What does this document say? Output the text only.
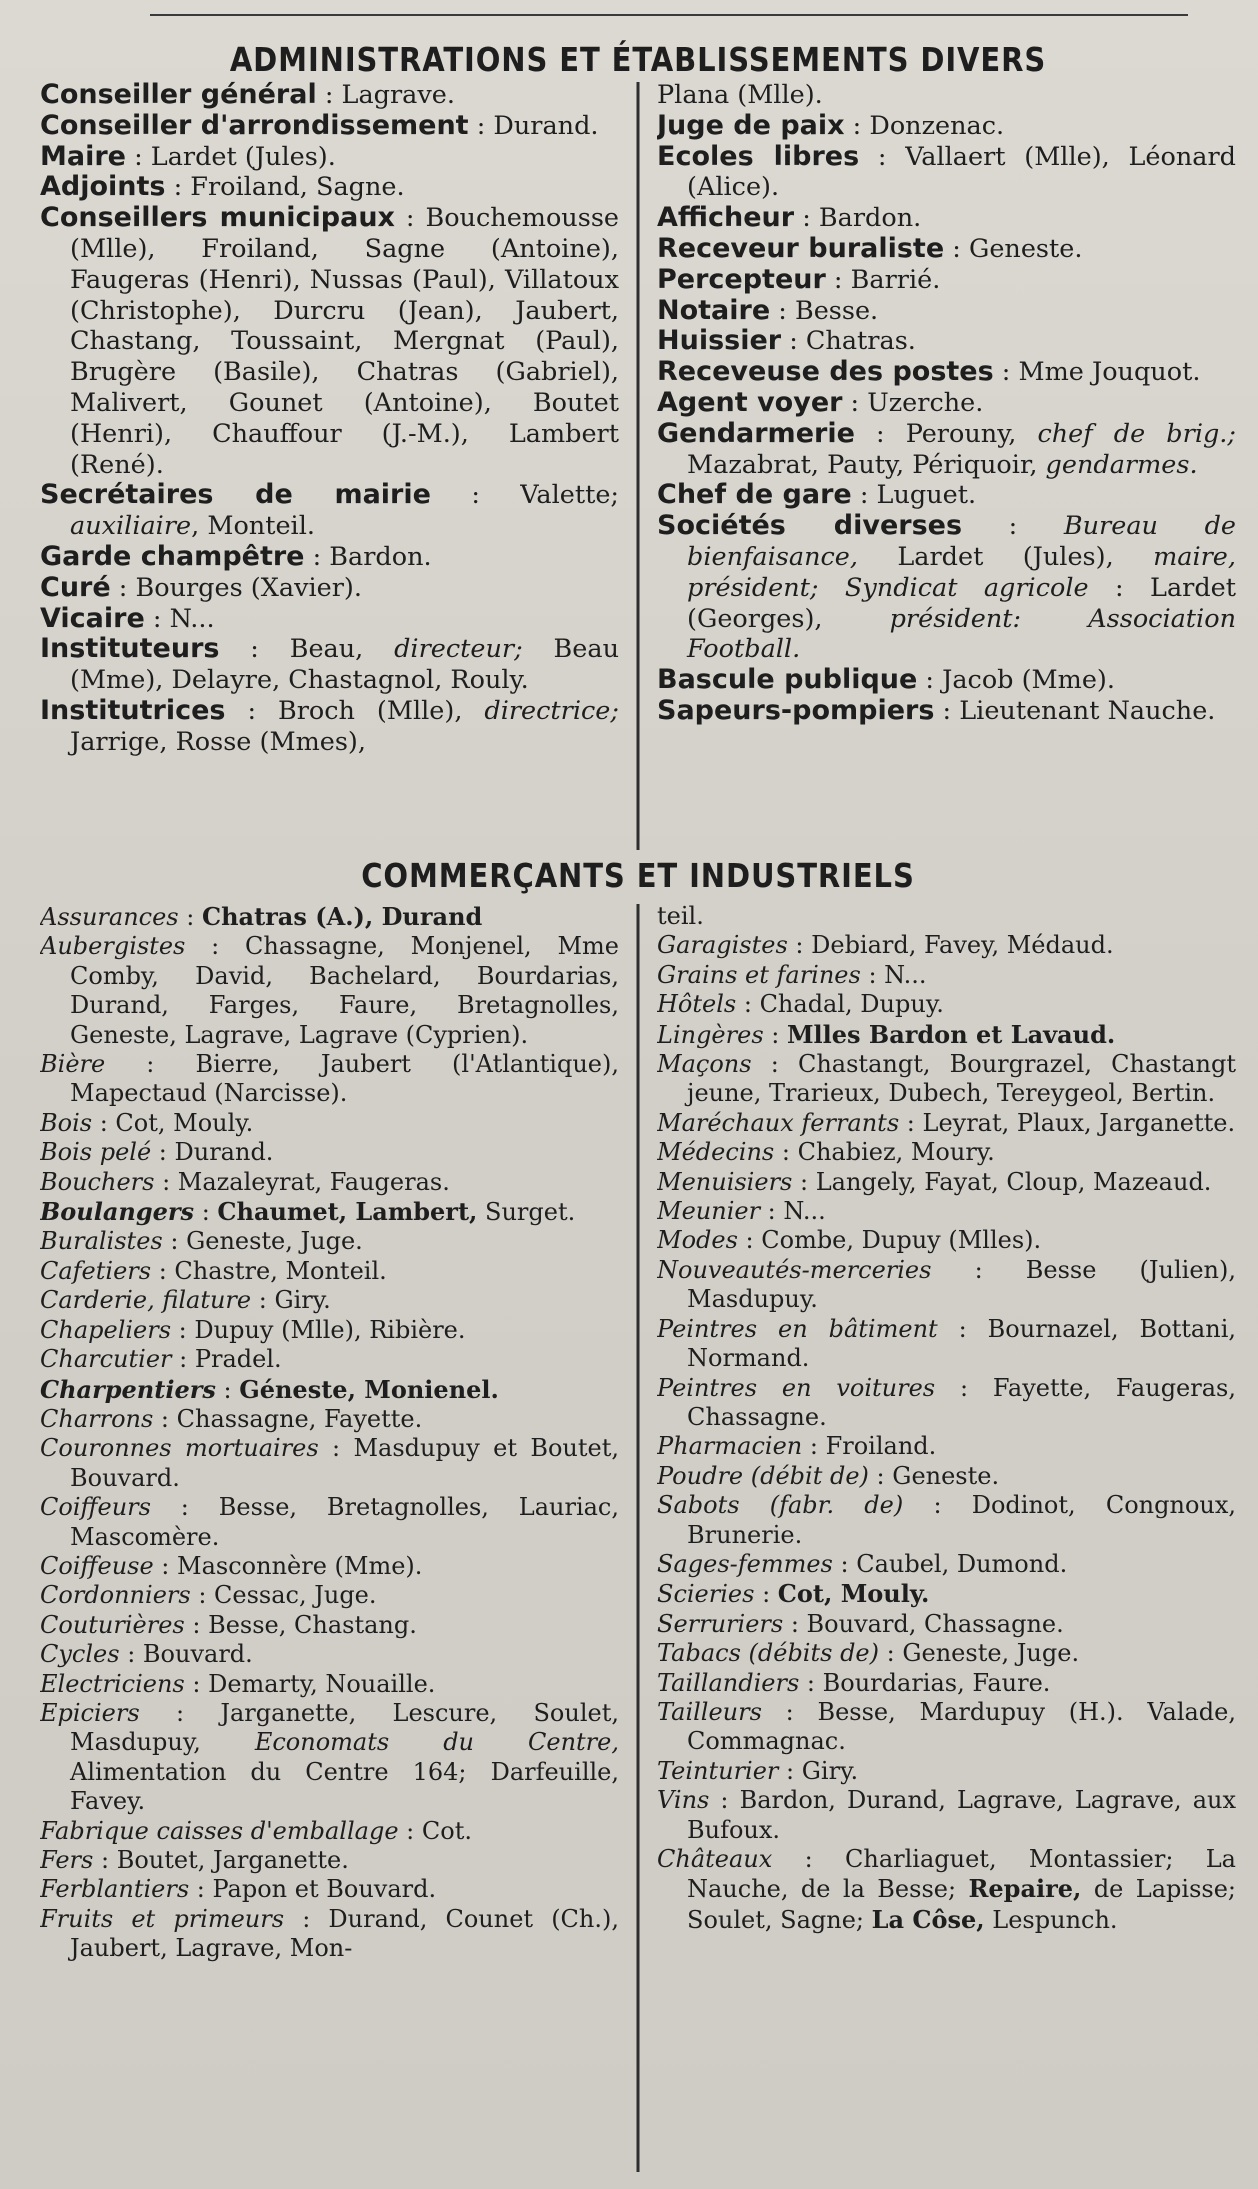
ADMINISTRATIONS ET ÉTABLISSEMENTS DIVERS

Conseiller général : Lagrave.

Conseiller d'arrondissement : Durand.

Maire : Lardet (Jules).

Adjoints : Froiland, Sagne.

Conseillers municipaux : Bouchemousse (Mlle), Froiland, Sagne (Antoine), Faugeras (Henri), Nussas (Paul), Villatoux (Christophe), Durcru (Jean), Jaubert, Chastang, Toussaint, Mergnat (Paul), Brugère (Basile), Chatras (Gabriel), Malivert, Gounet (Antoine), Boutet (Henri), Chauffour (J.-M.), Lambert (René).

Secrétaires de mairie : Valette; auxiliaire, Monteil.

Garde champêtre : Bardon.

Curé : Bourges (Xavier).

Vicaire : N...

Instituteurs : Beau, directeur; Beau (Mme), Delayre, Chastagnol, Rouly.

Institutrices : Broch (Mlle), directrice; Jarrige, Rosse (Mmes),

Plana (Mlle).

Juge de paix : Donzenac.

Ecoles libres : Vallaert (Mlle), Léonard (Alice).

Afficheur : Bardon.

Receveur buraliste : Geneste.

Percepteur : Barrié.

Notaire : Besse.

Huissier : Chatras.

Receveuse des postes : Mme Jouquot.

Agent voyer : Uzerche.

Gendarmerie : Perouny, chef de brig.; Mazabrat, Pauty, Périquoir, gendarmes.

Chef de gare : Luguet.

Sociétés diverses : Bureau de bienfaisance, Lardet (Jules), maire, président; Syndicat agricole : Lardet (Georges), président: Association Football.

Bascule publique : Jacob (Mme).

Sapeurs-pompiers : Lieutenant Nauche.

COMMERÇANTS ET INDUSTRIELS

Assurances : Chatras (A.), Durand

Aubergistes : Chassagne, Monjenel, Mme Comby, David, Bachelard, Bourdarias, Durand, Farges, Faure, Bretagnolles, Geneste, Lagrave, Lagrave (Cyprien).

Bière : Bierre, Jaubert (l'Atlantique), Mapectaud (Narcisse).

Bois : Cot, Mouly.

Bois pelé : Durand.

Bouchers : Mazaleyrat, Faugeras.

Boulangers : Chaumet, Lambert, Surget.

Buralistes : Geneste, Juge.

Cafetiers : Chastre, Monteil.

Carderie, filature : Giry.

Chapeliers : Dupuy (Mlle), Ribière.

Charcutier : Pradel.

Charpentiers : Géneste, Monienel.

Charrons : Chassagne, Fayette.

Couronnes mortuaires : Masdupuy et Boutet, Bouvard.

Coiffeurs : Besse, Bretagnolles, Lauriac, Mascomère.

Coiffeuse : Masconnère (Mme).

Cordonniers : Cessac, Juge.

Couturières : Besse, Chastang.

Cycles : Bouvard.

Electriciens : Demarty, Nouaille.

Epiciers : Jarganette, Lescure, Soulet, Masdupuy, Economats du Centre, Alimentation du Centre 164; Darfeuille, Favey.

Fabrique caisses d'emballage : Cot.

Fers : Boutet, Jarganette.

Ferblantiers : Papon et Bouvard.

Fruits et primeurs : Durand, Counet (Ch.), Jaubert, Lagrave, Mon-

teil.

Garagistes : Debiard, Favey, Médaud.

Grains et farines : N...

Hôtels : Chadal, Dupuy.

Lingères : Mlles Bardon et Lavaud.

Maçons : Chastangt, Bourgrazel, Chastangt jeune, Trarieux, Dubech, Tereygeol, Bertin.

Maréchaux ferrants : Leyrat, Plaux, Jarganette.

Médecins : Chabiez, Moury.

Menuisiers : Langely, Fayat, Cloup, Mazeaud.

Meunier : N...

Modes : Combe, Dupuy (Mlles).

Nouveautés-merceries : Besse (Julien), Masdupuy.

Peintres en bâtiment : Bournazel, Bottani, Normand.

Peintres en voitures : Fayette, Faugeras, Chassagne.

Pharmacien : Froiland.

Poudre (débit de) : Geneste.

Sabots (fabr. de) : Dodinot, Congnoux, Brunerie.

Sages-femmes : Caubel, Dumond.

Scieries : Cot, Mouly.

Serruriers : Bouvard, Chassagne.

Tabacs (débits de) : Geneste, Juge.

Taillandiers : Bourdarias, Faure.

Tailleurs : Besse, Mardupuy (H.). Valade, Commagnac.

Teinturier : Giry.

Vins : Bardon, Durand, Lagrave, Lagrave, aux Bufoux.

Châteaux : Charliaguet, Montassier; La Nauche, de la Besse; Repaire, de Lapisse; Soulet, Sagne; La Côse, Lespunch.
